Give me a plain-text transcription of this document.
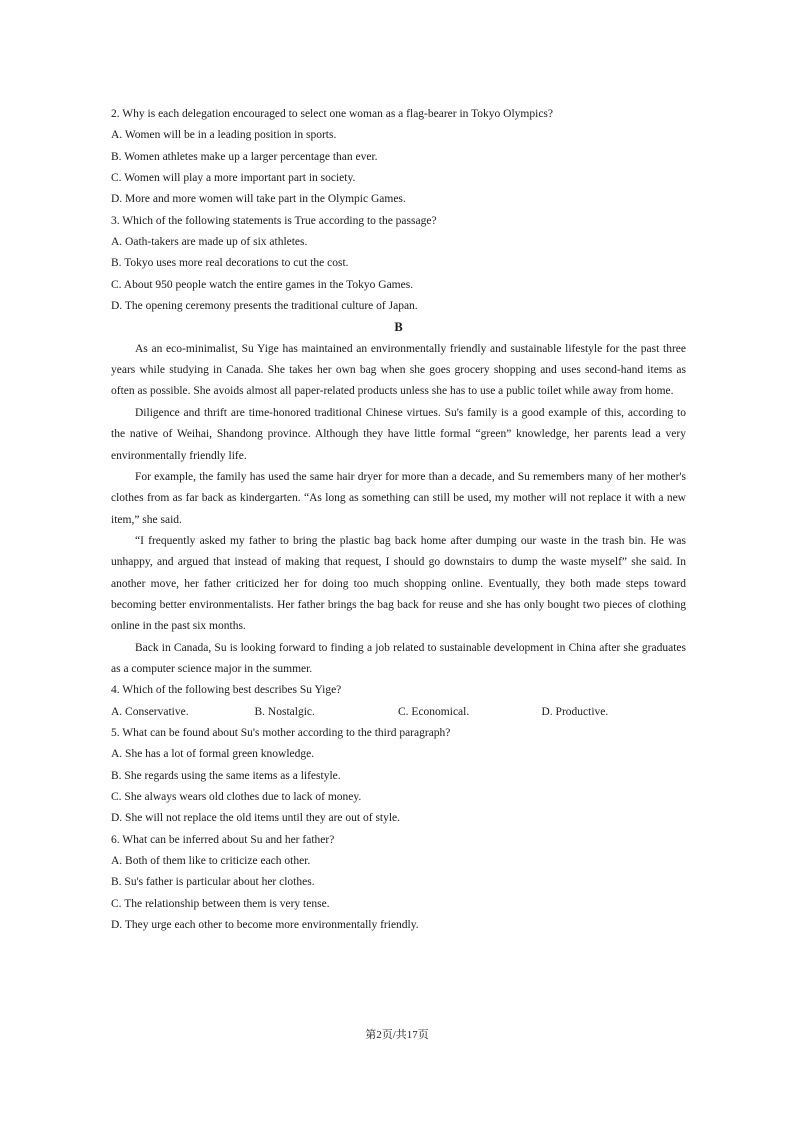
2. Why is each delegation encouraged to select one woman as a flag-bearer in Tokyo Olympics?
A. Women will be in a leading position in sports.
B. Women athletes make up a larger percentage than ever.
C. Women will play a more important part in society.
D. More and more women will take part in the Olympic Games.
3. Which of the following statements is True according to the passage?
A. Oath-takers are made up of six athletes.
B. Tokyo uses more real decorations to cut the cost.
C. About 950 people watch the entire games in the Tokyo Games.
D. The opening ceremony presents the traditional culture of Japan.
B
As an eco-minimalist, Su Yige has maintained an environmentally friendly and sustainable lifestyle for the past three years while studying in Canada. She takes her own bag when she goes grocery shopping and uses second-hand items as often as possible. She avoids almost all paper-related products unless she has to use a public toilet while away from home.
Diligence and thrift are time-honored traditional Chinese virtues. Su's family is a good example of this, according to the native of Weihai, Shandong province. Although they have little formal “green” knowledge, her parents lead a very environmentally friendly life.
For example, the family has used the same hair dryer for more than a decade, and Su remembers many of her mother's clothes from as far back as kindergarten. “As long as something can still be used, my mother will not replace it with a new item,” she said.
“I frequently asked my father to bring the plastic bag back home after dumping our waste in the trash bin. He was unhappy, and argued that instead of making that request, I should go downstairs to dump the waste myself” she said. In another move, her father criticized her for doing too much shopping online. Eventually, they both made steps toward becoming better environmentalists. Her father brings the bag back for reuse and she has only bought two pieces of clothing online in the past six months.
Back in Canada, Su is looking forward to finding a job related to sustainable development in China after she graduates as a computer science major in the summer.
4. Which of the following best describes Su Yige?
A. Conservative.	B. Nostalgic.	C. Economical.	D. Productive.
5. What can be found about Su's mother according to the third paragraph?
A. She has a lot of formal green knowledge.
B. She regards using the same items as a lifestyle.
C. She always wears old clothes due to lack of money.
D. She will not replace the old items until they are out of style.
6. What can be inferred about Su and her father?
A. Both of them like to criticize each other.
B. Su's father is particular about her clothes.
C. The relationship between them is very tense.
D. They urge each other to become more environmentally friendly.
第2页/共17页
